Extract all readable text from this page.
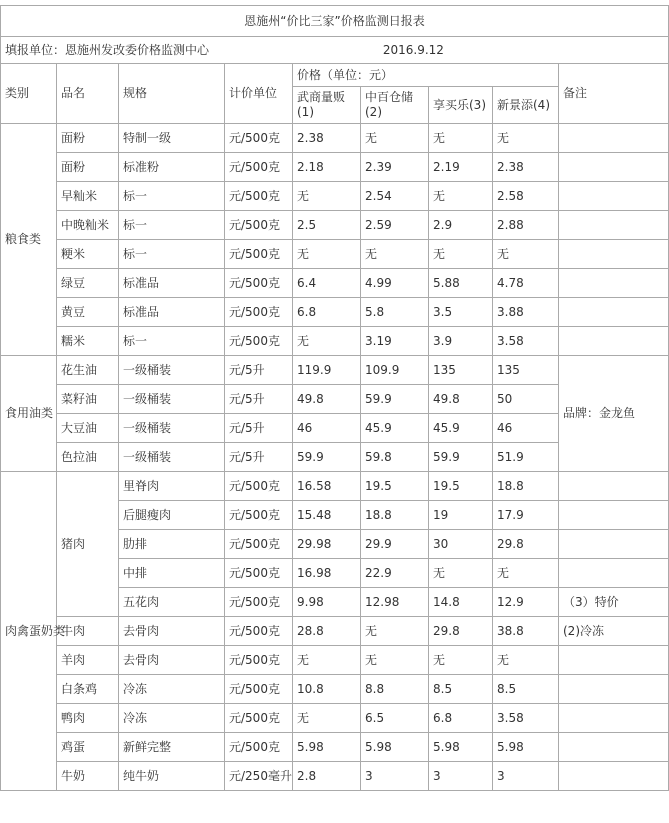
恩施州“价比三家”价格监测日报表								
填报单位：恩施州发改委价格监测中心 2016.9.12								
类别	品名	规格	计价单位	价格（单位：元）				备注
				武商量贩(1)	中百仓储(2)	享买乐(3)	新景添(4)	
粮食类	面粉	特制一级	元/500克	2.38	无	无	无	
	面粉	标准粉	元/500克	2.18	2.39	2.19	2.38	
	早籼米	标一	元/500克	无	2.54	无	2.58	
	中晚籼米	标一	元/500克	2.5	2.59	2.9	2.88	
	粳米	标一	元/500克	无	无	无	无	
	绿豆	标准品	元/500克	6.4	4.99	5.88	4.78	
	黄豆	标准品	元/500克	6.8	5.8	3.5	3.88	
	糯米	标一	元/500克	无	3.19	3.9	3.58	
食用油类	花生油	一级桶装	元/5升	119.9	109.9	135	135	品牌：金龙鱼
	菜籽油	一级桶装	元/5升	49.8	59.9	49.8	50	
	大豆油	一级桶装	元/5升	46	45.9	45.9	46	
	色拉油	一级桶装	元/5升	59.9	59.8	59.9	51.9	
肉禽蛋奶类	猪肉	里脊肉	元/500克	16.58	19.5	19.5	18.8	
		后腿瘦肉	元/500克	15.48	18.8	19	17.9	
		肋排	元/500克	29.98	29.9	30	29.8	
		中排	元/500克	16.98	22.9	无	无	
		五花肉	元/500克	9.98	12.98	14.8	12.9	（3）特价
	牛肉	去骨肉	元/500克	28.8	无	29.8	38.8	(2)冷冻
	羊肉	去骨肉	元/500克	无	无	无	无	
	白条鸡	冷冻	元/500克	10.8	8.8	8.5	8.5	
	鸭肉	冷冻	元/500克	无	6.5	6.8	3.58	
	鸡蛋	新鲜完整	元/500克	5.98	5.98	5.98	5.98	
	牛奶	纯牛奶	元/250毫升	2.8	3	3	3	
